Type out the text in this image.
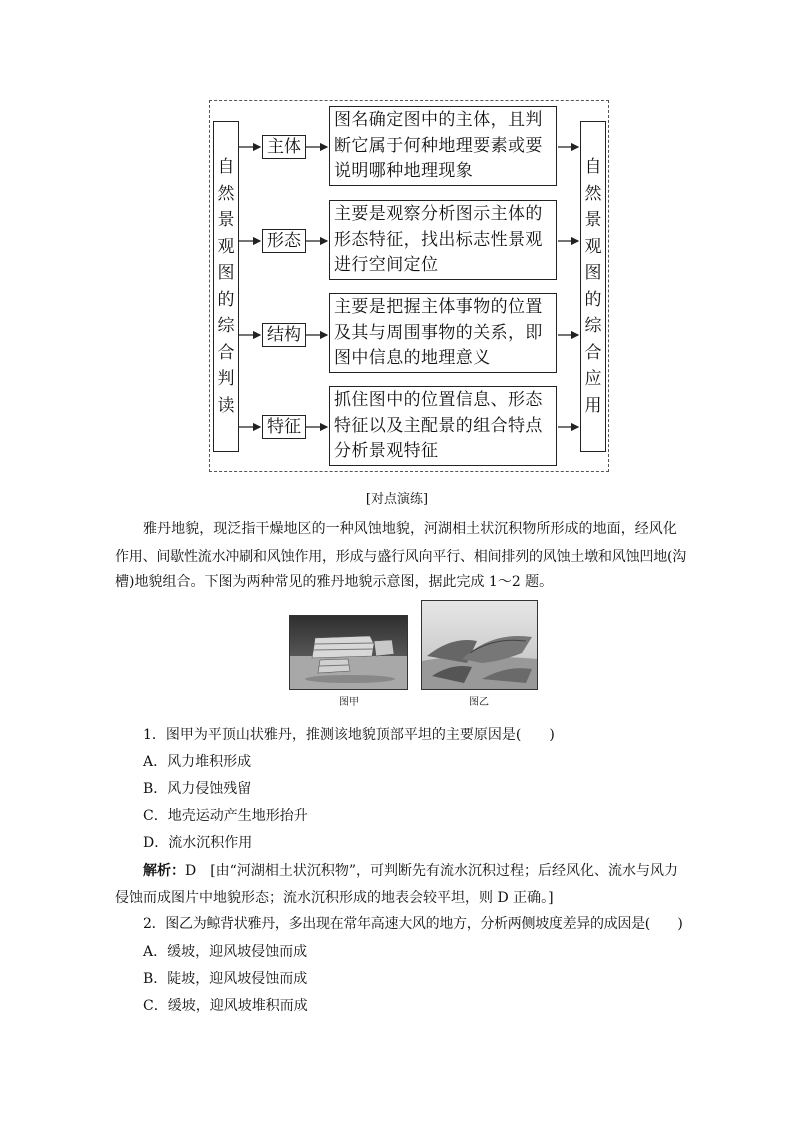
自
然
景
观
图
的
综
合
判
读
主体
形态
结构
特征
图名确定图中的主体，且判
断它属于何种地理要素或要
说明哪种地理现象
主要是观察分析图示主体的
形态特征，找出标志性景观
进行空间定位
主要是把握主体事物的位置
及其与周围事物的关系，即
图中信息的地理意义
抓住图中的位置信息、形态
特征以及主配景的组合特点
分析景观特征
自
然
景
观
图
的
综
合
应
用
[对点演练]
雅丹地貌，现泛指干燥地区的一种风蚀地貌，河湖相土状沉积物所形成的地面，经风化
作用、间歇性流水冲刷和风蚀作用，形成与盛行风向平行、相间排列的风蚀土墩和风蚀凹地(沟
槽)地貌组合。下图为两种常见的雅丹地貌示意图，据此完成 1～2 题。
图甲	图乙
1．图甲为平顶山状雅丹，推测该地貌顶部平坦的主要原因是(　　)
A．风力堆积形成
B．风力侵蚀残留
C．地壳运动产生地形抬升
D．流水沉积作用
解析：D　[由“河湖相土状沉积物”，可判断先有流水沉积过程；后经风化、流水与风力
侵蚀而成图片中地貌形态；流水沉积形成的地表会较平坦，则 D 正确。]
2．图乙为鲸背状雅丹，多出现在常年高速大风的地方，分析两侧坡度差异的成因是(　　)
A．缓坡，迎风坡侵蚀而成
B．陡坡，迎风坡侵蚀而成
C．缓坡，迎风坡堆积而成
